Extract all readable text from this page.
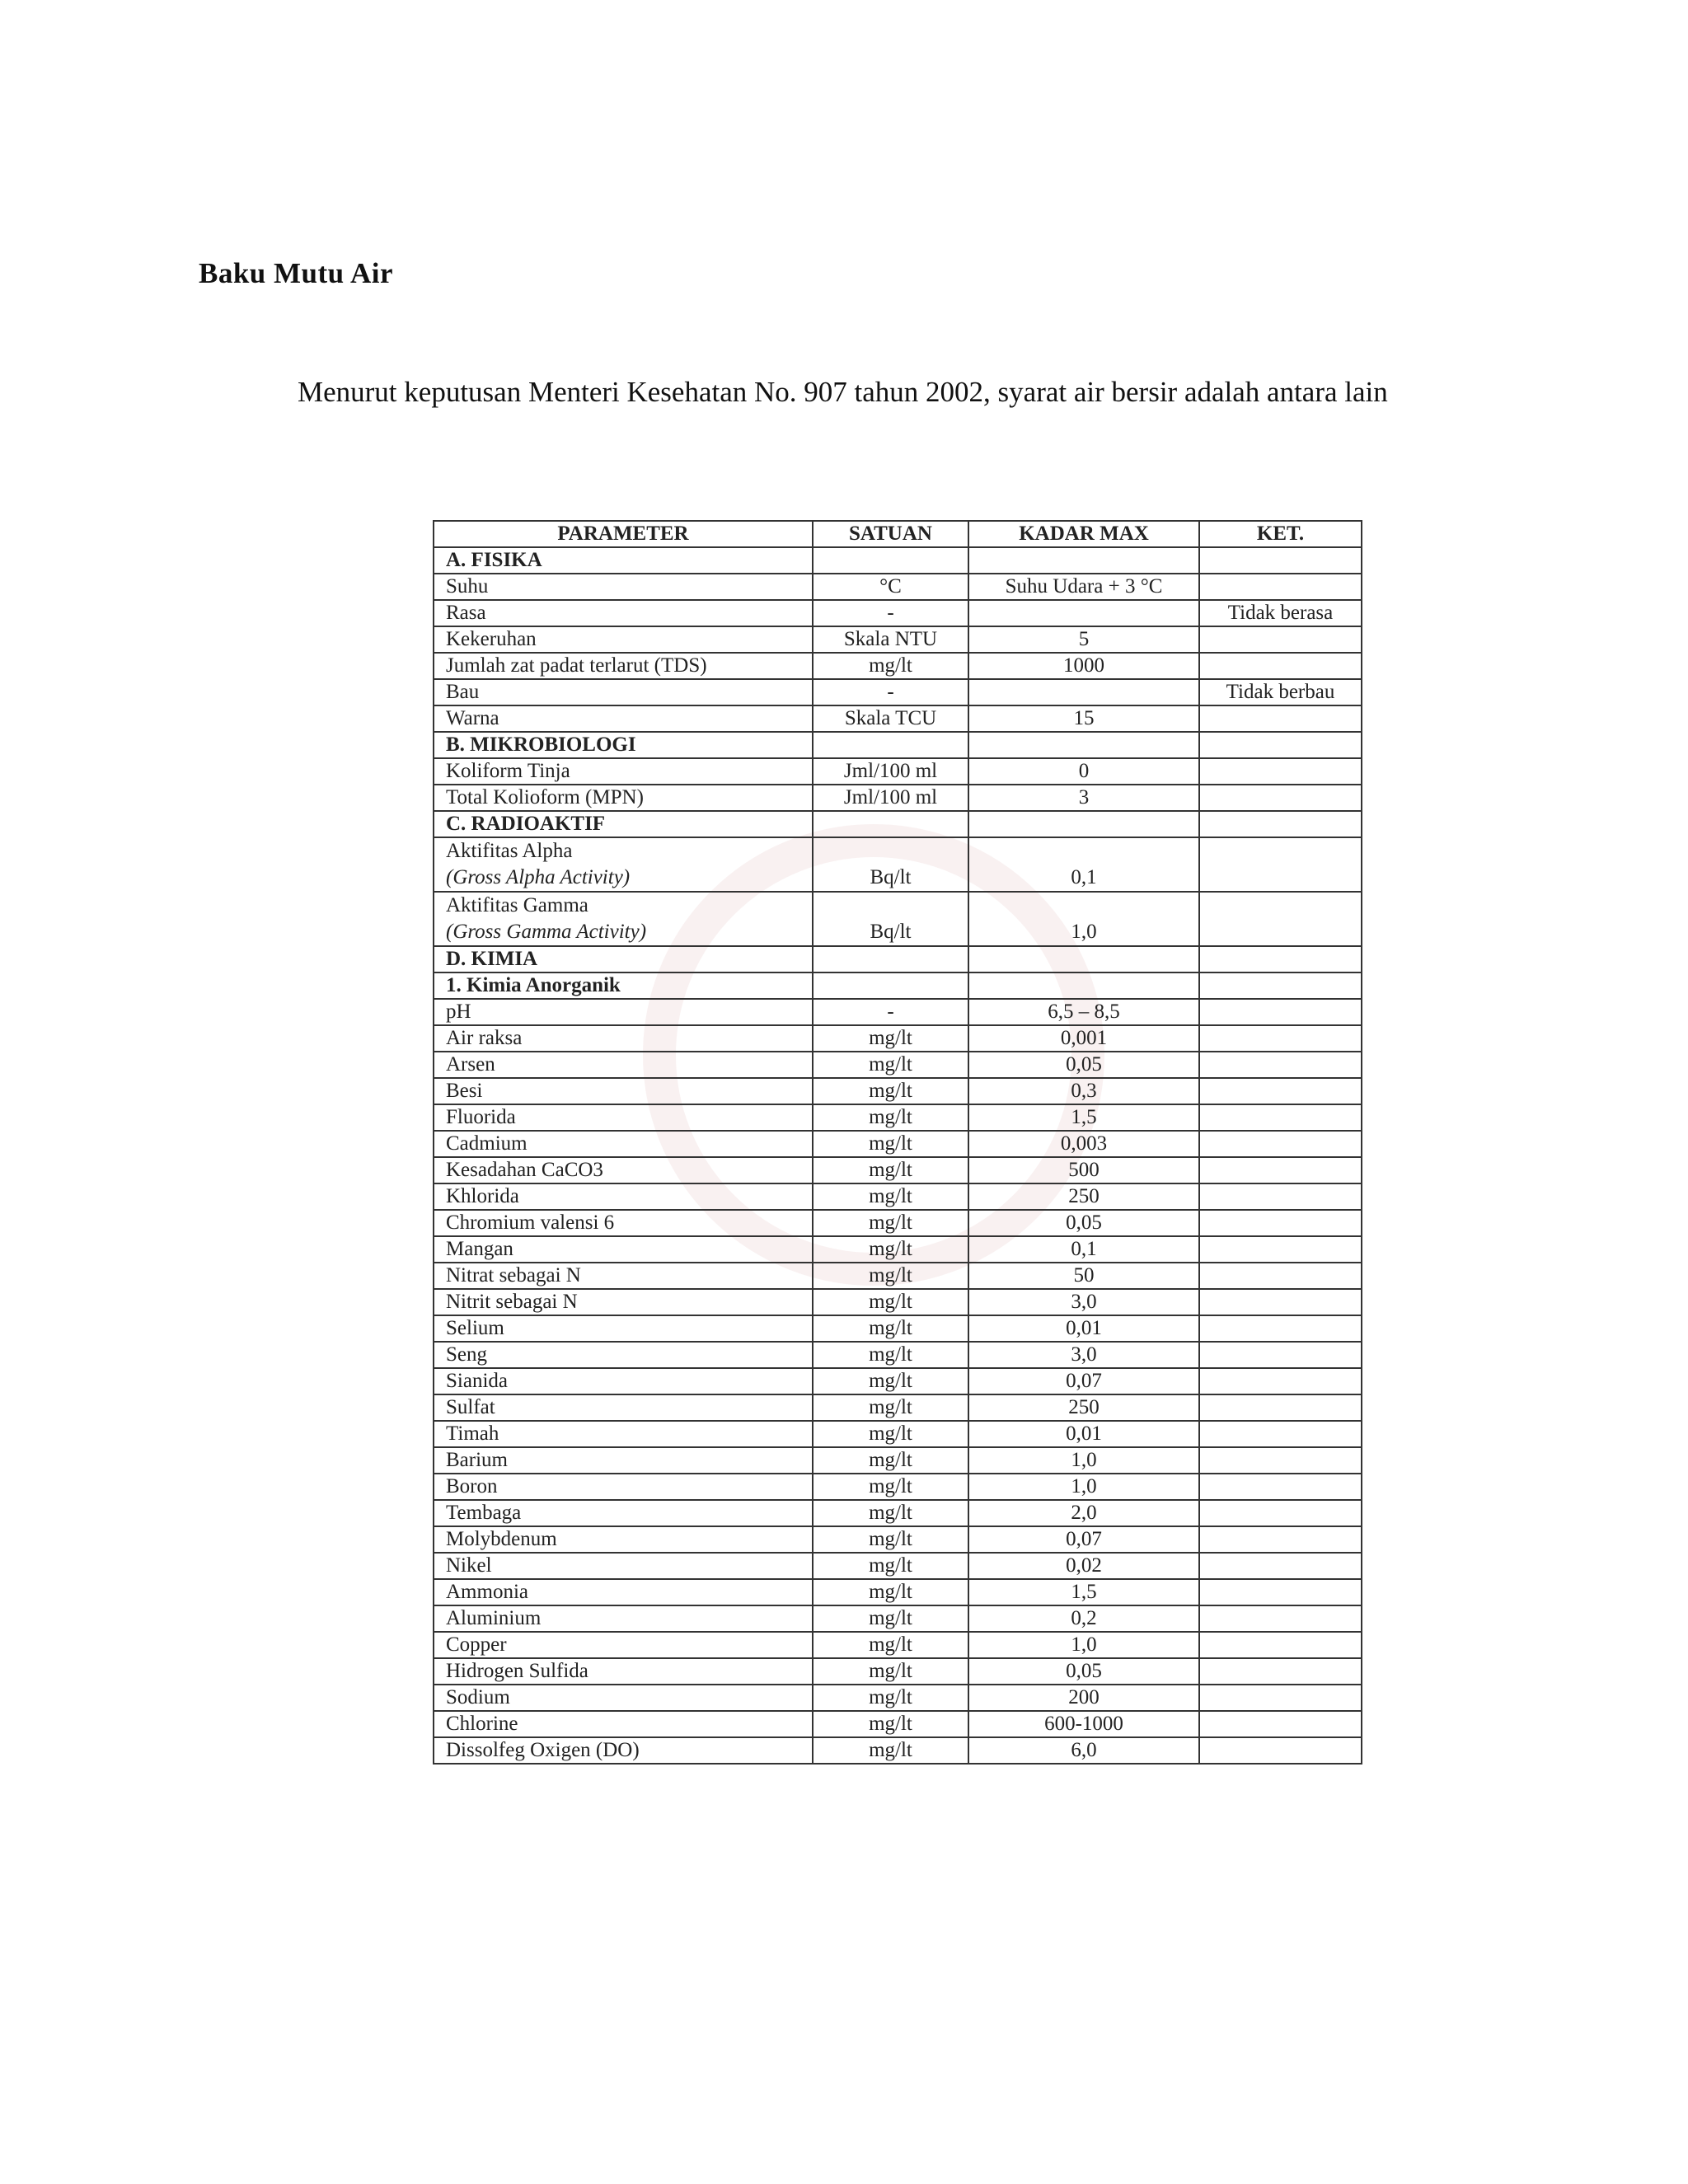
Baku Mutu Air

Menurut keputusan Menteri Kesehatan No. 907 tahun 2002, syarat air bersir adalah antara lain

PARAMETER	SATUAN	KADAR MAX	KET.
A. FISIKA			
Suhu	°C	Suhu Udara + 3 °C	
Rasa	-		Tidak berasa
Kekeruhan	Skala NTU	5	
Jumlah zat padat terlarut (TDS)	mg/lt	1000	
Bau	-		Tidak berbau
Warna	Skala TCU	15	
B. MIKROBIOLOGI			
Koliform Tinja	Jml/100 ml	0	
Total Kolioform (MPN)	Jml/100 ml	3	
C. RADIOAKTIF			

Aktifitas Alpha
(Gross Alpha Activity)	Bq/lt	0,1	

Aktifitas Gamma
(Gross Gamma Activity)	Bq/lt	1,0	
D. KIMIA			
1. Kimia Anorganik			
pH	-	6,5 – 8,5	
Air raksa	mg/lt	0,001	
Arsen	mg/lt	0,05	
Besi	mg/lt	0,3	
Fluorida	mg/lt	1,5	
Cadmium	mg/lt	0,003	
Kesadahan CaCO3	mg/lt	500	
Khlorida	mg/lt	250	
Chromium valensi 6	mg/lt	0,05	
Mangan	mg/lt	0,1	
Nitrat sebagai N	mg/lt	50	
Nitrit sebagai N	mg/lt	3,0	
Selium	mg/lt	0,01	
Seng	mg/lt	3,0	
Sianida	mg/lt	0,07	
Sulfat	mg/lt	250	
Timah	mg/lt	0,01	
Barium	mg/lt	1,0	
Boron	mg/lt	1,0	
Tembaga	mg/lt	2,0	
Molybdenum	mg/lt	0,07	
Nikel	mg/lt	0,02	
Ammonia	mg/lt	1,5	
Aluminium	mg/lt	0,2	
Copper	mg/lt	1,0	
Hidrogen Sulfida	mg/lt	0,05	
Sodium	mg/lt	200	
Chlorine	mg/lt	600-1000	
Dissolfeg Oxigen (DO)	mg/lt	6,0	
